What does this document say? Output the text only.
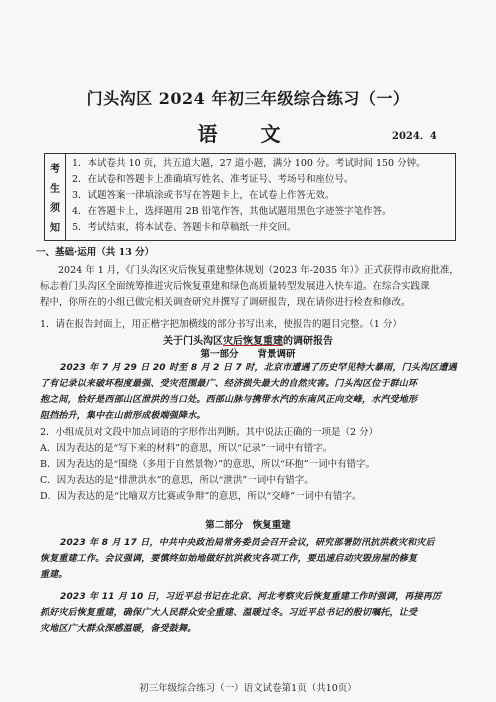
门头沟区 2024 年初三年级综合练习（一）
语 文	2024．4
考
生
须
知
1．本试卷共 10 页，共五道大题，27 道小题，满分 100 分。考试时间 150 分钟。
2．在试卷和答题卡上准确填写姓名、准考证号、考场号和座位号。
3．试题答案一律填涂或书写在答题卡上，在试卷上作答无效。
4．在答题卡上，选择题用 2B 铅笔作答，其他试题用黑色字迹签字笔作答。
5．考试结束，将本试卷、答题卡和草稿纸一并交回。
一、基础·运用（共 13 分）
2024 年 1 月，《门头沟区灾后恢复重建整体规划（2023 年-2035 年）》正式获得市政府批准，
标志着门头沟区全面统筹推进灾后恢复重建和绿色高质量转型发展进入快车道。在综合实践课
程中，你所在的小组已做完相关调查研究并撰写了调研报告，现在请你进行检查和修改。
1．请在报告封面上，用正楷字把加横线的部分书写出来，使报告的题目完整。（1 分）
关于门头沟区灾后恢复重建的调研报告
第一部分　　背景调研
2023 年 7 月 29 日 20 时至 8 月 2 日 7 时，北京市遭遇了历史罕见特大暴雨，门头沟区遭遇
了有记录以来破坏程度最强、受灾范围最广、经济损失最大的自然灾害。门头沟区位于群山环
抱之间，恰好是西部山区泄洪的当口处。西部山脉与携带水汽的东南风正向交峰，水汽受地形
阻挡抬升，集中在山前形成极端强降水。
2．小组成员对文段中加点词语的字形作出判断。其中说法正确的一项是（2 分）
A．因为表达的是“写下来的材料”的意思，所以“记录”一词中有错字。
B．因为表达的是“围绕（多用于自然景物）”的意思，所以“环抱”一词中有错字。
C．因为表达的是“排泄洪水”的意思，所以“泄洪”一词中有错字。
D．因为表达的是“比喻双方比赛或争辩”的意思，所以“交峰”一词中有错字。
第二部分　恢复重建
2023 年 8 月 17 日，中共中央政治局常务委员会召开会议，研究部署防汛抗洪救灾和灾后
恢复重建工作。会议强调，要慎终如始地做好抗洪救灾各项工作，要迅速启动灾毁房屋的修复
重建。
2023 年 11 月 10 日，习近平总书记在北京、河北考察灾后恢复重建工作时强调，再接再厉
抓好灾后恢复重建，确保广大人民群众安全重建、温暖过冬。习近平总书记的殷切嘱托，让受
灾地区广大群众深感温暖，备受鼓舞。
初三年级综合练习（一）语文试卷第1页（共10页）
